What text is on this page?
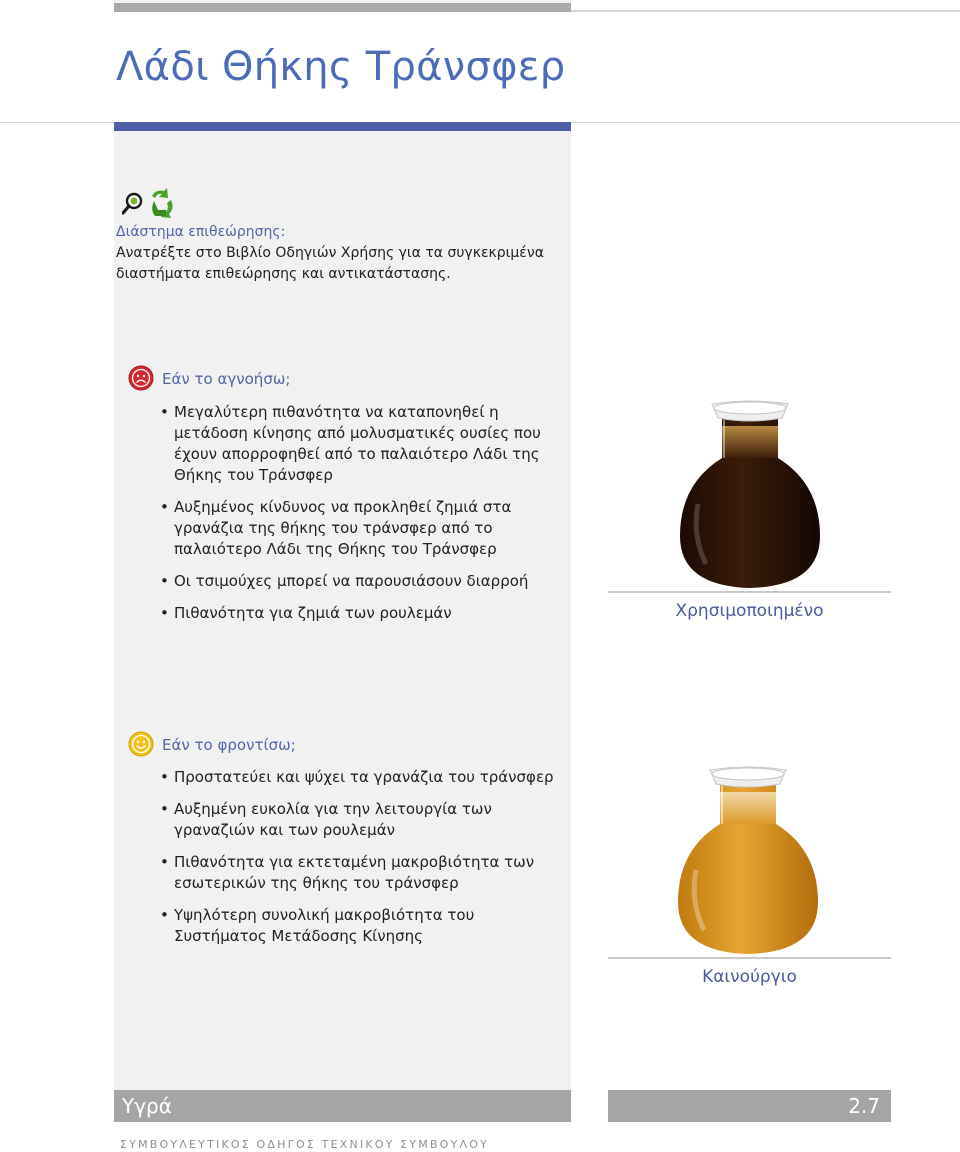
Λάδι Θήκης Τράνσφερ
Διάστημα επιθεώρησης:
Ανατρέξτε στο Βιβλίο Οδηγιών Χρήσης για τα συγκεκριμένα διαστήματα επιθεώρησης και αντικατάστασης.
Εάν το αγνοήσω;
• Μεγαλύτερη πιθανότητα να καταπονηθεί η μετάδοση κίνησης από μολυσματικές ουσίες που έχουν απορροφηθεί από το παλαιότερο Λάδι της Θήκης του Τράνσφερ
• Αυξημένος κίνδυνος να προκληθεί ζημιά στα γρανάζια της θήκης του τράνσφερ από το παλαιότερο Λάδι της Θήκης του Τράνσφερ
• Οι τσιμούχες μπορεί να παρουσιάσουν διαρροή
• Πιθανότητα για ζημιά των ρουλεμάν	Χρησιμοποιημένο
Εάν το φροντίσω;
• Προστατεύει και ψύχει τα γρανάζια του τράνσφερ
• Αυξημένη ευκολία για την λειτουργία των γραναζιών και των ρουλεμάν
• Πιθανότητα για εκτεταμένη μακροβιότητα των εσωτερικών της θήκης του τράνσφερ
• Υψηλότερη συνολική μακροβιότητα του Συστήματος Μετάδοσης Κίνησης
Καινούργιο
Υγρά	2.7
ΣΥΜΒΟΥΛΕΥΤΙΚΟΣ ΟΔΗΓΟΣ ΤΕΧΝΙΚΟΥ ΣΥΜΒΟΥΛΟΥ
